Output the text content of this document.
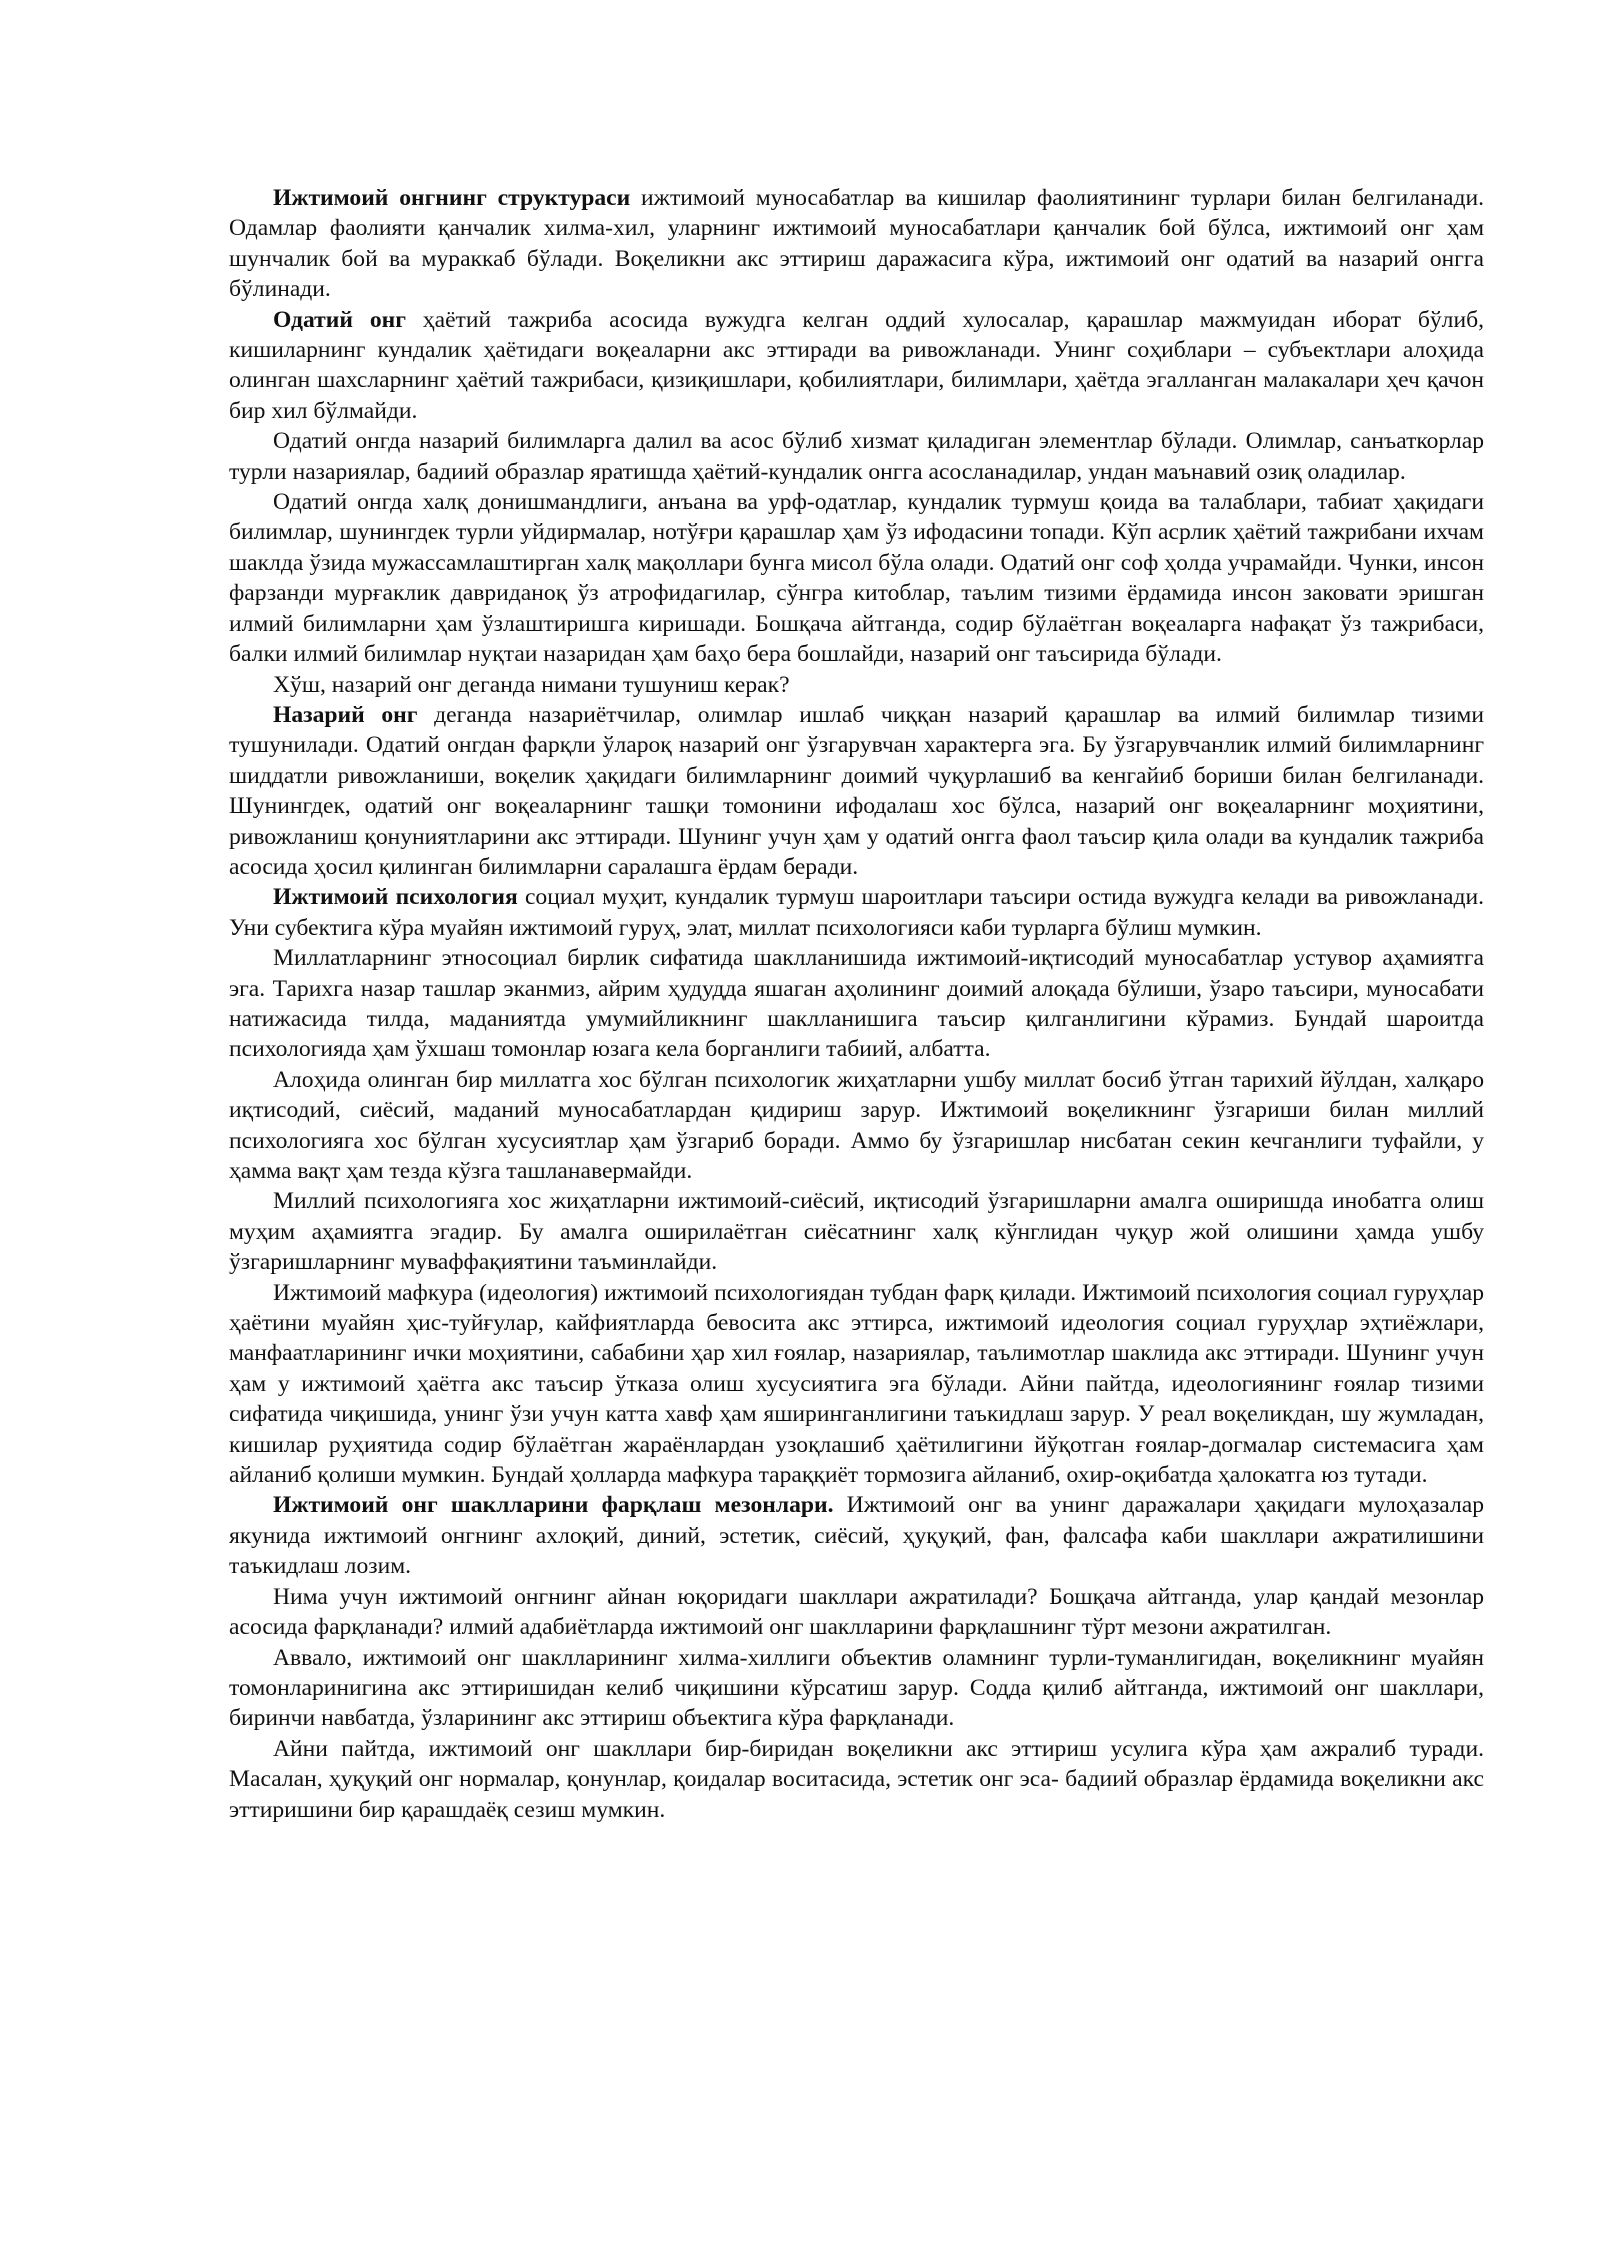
Ижтимоий онгнинг структураси ижтимоий муносабатлар ва кишилар фаолиятининг турлари билан белгиланади. Одамлар фаолияти қанчалик хилма-хил, уларнинг ижтимоий муносабатлари қанчалик бой бўлса, ижтимоий онг ҳам шунчалик бой ва мураккаб бўлади. Воқеликни акс эттириш даражасига кўра, ижтимоий онг одатий ва назарий онгга бўлинади.

Одатий онг ҳаётий тажриба асосида вужудга келган оддий хулосалар, қарашлар мажмуидан иборат бўлиб, кишиларнинг кундалик ҳаётидаги воқеаларни акс эттиради ва ривожланади. Унинг соҳиблари – субъектлари алоҳида олинган шахсларнинг ҳаётий тажрибаси, қизиқишлари, қобилиятлари, билимлари, ҳаётда эгалланган малакалари ҳеч қачон бир хил бўлмайди.

Одатий онгда назарий билимларга далил ва асос бўлиб хизмат қиладиган элементлар бўлади. Олимлар, санъаткорлар турли назариялар, бадиий образлар яратишда ҳаётий-кундалик онгга асосланадилар, ундан маънавий озиқ оладилар.

Одатий онгда халқ донишмандлиги, анъана ва урф-одатлар, кундалик турмуш қоида ва талаблари, табиат ҳақидаги билимлар, шунингдек турли уйдирмалар, нотўғри қарашлар ҳам ўз ифодасини топади. Кўп асрлик ҳаётий тажрибани ихчам шаклда ўзида мужассамлаштирган халқ мақоллари бунга мисол бўла олади. Одатий онг соф ҳолда учрамайди. Чунки, инсон фарзанди мурғаклик давриданоқ ўз атрофидагилар, сўнгра китоблар, таълим тизими ёрдамида инсон заковати эришган илмий билимларни ҳам ўзлаштиришга киришади. Бошқача айтганда, содир бўлаётган воқеаларга нафақат ўз тажрибаси, балки илмий билимлар нуқтаи назаридан ҳам баҳо бера бошлайди, назарий онг таъсирида бўлади.

Хўш, назарий онг деганда нимани тушуниш керак?

Назарий онг деганда назариётчилар, олимлар ишлаб чиққан назарий қарашлар ва илмий билимлар тизими тушунилади. Одатий онгдан фарқли ўлароқ назарий онг ўзгарувчан характерга эга. Бу ўзгарувчанлик илмий билимларнинг шиддатли ривожланиши, воқелик ҳақидаги билимларнинг доимий чуқурлашиб ва кенгайиб бориши билан белгиланади. Шунингдек, одатий онг воқеаларнинг ташқи томонини ифодалаш хос бўлса, назарий онг воқеаларнинг моҳиятини, ривожланиш қонуниятларини акс эттиради. Шунинг учун ҳам у одатий онгга фаол таъсир қила олади ва кундалик тажриба асосида ҳосил қилинган билимларни саралашга ёрдам беради.

Ижтимоий психология социал муҳит, кундалик турмуш шароитлари таъсири остида вужудга келади ва ривожланади. Уни субектига кўра муайян ижтимоий гуруҳ, элат, миллат психологияси каби турларга бўлиш мумкин.

Миллатларнинг этносоциал бирлик сифатида шаклланишида ижтимоий-иқтисодий муносабатлар устувор аҳамиятга эга. Тарихга назар ташлар эканмиз, айрим ҳудудда яшаган аҳолининг доимий алоқада бўлиши, ўзаро таъсири, муносабати натижасида тилда, маданиятда умумийликнинг шаклланишига таъсир қилганлигини кўрамиз. Бундай шароитда психологияда ҳам ўхшаш томонлар юзага кела борганлиги табиий, албатта.

Алоҳида олинган бир миллатга хос бўлган психологик жиҳатларни ушбу миллат босиб ўтган тарихий йўлдан, халқаро иқтисодий, сиёсий, маданий муносабатлардан қидириш зарур. Ижтимоий воқеликнинг ўзгариши билан миллий психологияга хос бўлган хусусиятлар ҳам ўзгариб боради. Аммо бу ўзгаришлар нисбатан секин кечганлиги туфайли, у ҳамма вақт ҳам тезда кўзга ташланавермайди.

Миллий психологияга хос жиҳатларни ижтимоий-сиёсий, иқтисодий ўзгаришларни амалга оширишда инобатга олиш муҳим аҳамиятга эгадир. Бу амалга оширилаётган сиёсатнинг халқ кўнглидан чуқур жой олишини ҳамда ушбу ўзгаришларнинг муваффақиятини таъминлайди.

Ижтимоий мафкура (идеология) ижтимоий психологиядан тубдан фарқ қилади. Ижтимоий психология социал гуруҳлар ҳаётини муайян ҳис-туйғулар, кайфиятларда бевосита акс эттирса, ижтимоий идеология социал гуруҳлар эҳтиёжлари, манфаатларининг ички моҳиятини, сабабини ҳар хил ғоялар, назариялар, таълимотлар шаклида акс эттиради. Шунинг учун ҳам у ижтимоий ҳаётга акс таъсир ўтказа олиш хусусиятига эга бўлади. Айни пайтда, идеологиянинг ғоялар тизими сифатида чиқишида, унинг ўзи учун катта хавф ҳам яширинганлигини таъкидлаш зарур. У реал воқеликдан, шу жумладан, кишилар руҳиятида содир бўлаётган жараёнлардан узоқлашиб ҳаётилигини йўқотган ғоялар-догмалар системасига ҳам айланиб қолиши мумкин. Бундай ҳолларда мафкура тараққиёт тормозига айланиб, охир-оқибатда ҳалокатга юз тутади.

Ижтимоий онг шаклларини фарқлаш мезонлари. Ижтимоий онг ва унинг даражалари ҳақидаги мулоҳазалар якунида ижтимоий онгнинг ахлоқий, диний, эстетик, сиёсий, ҳуқуқий, фан, фалсафа каби шакллари ажратилишини таъкидлаш лозим.

Нима учун ижтимоий онгнинг айнан юқоридаги шакллари ажратилади? Бошқача айтганда, улар қандай мезонлар асосида фарқланади? илмий адабиётларда ижтимоий онг шаклларини фарқлашнинг тўрт мезони ажратилган.

Аввало, ижтимоий онг шаклларининг хилма-хиллиги объектив оламнинг турли-туманлигидан, воқеликнинг муайян томонларинигина акс эттиришидан келиб чиқишини кўрсатиш зарур. Содда қилиб айтганда, ижтимоий онг шакллари, биринчи навбатда, ўзларининг акс эттириш объектига кўра фарқланади.

Айни пайтда, ижтимоий онг шакллари бир-биридан воқеликни акс эттириш усулига кўра ҳам ажралиб туради. Масалан, ҳуқуқий онг нормалар, қонунлар, қоидалар воситасида, эстетик онг эса- бадиий образлар ёрдамида воқеликни акс эттиришини бир қарашдаёқ сезиш мумкин.
